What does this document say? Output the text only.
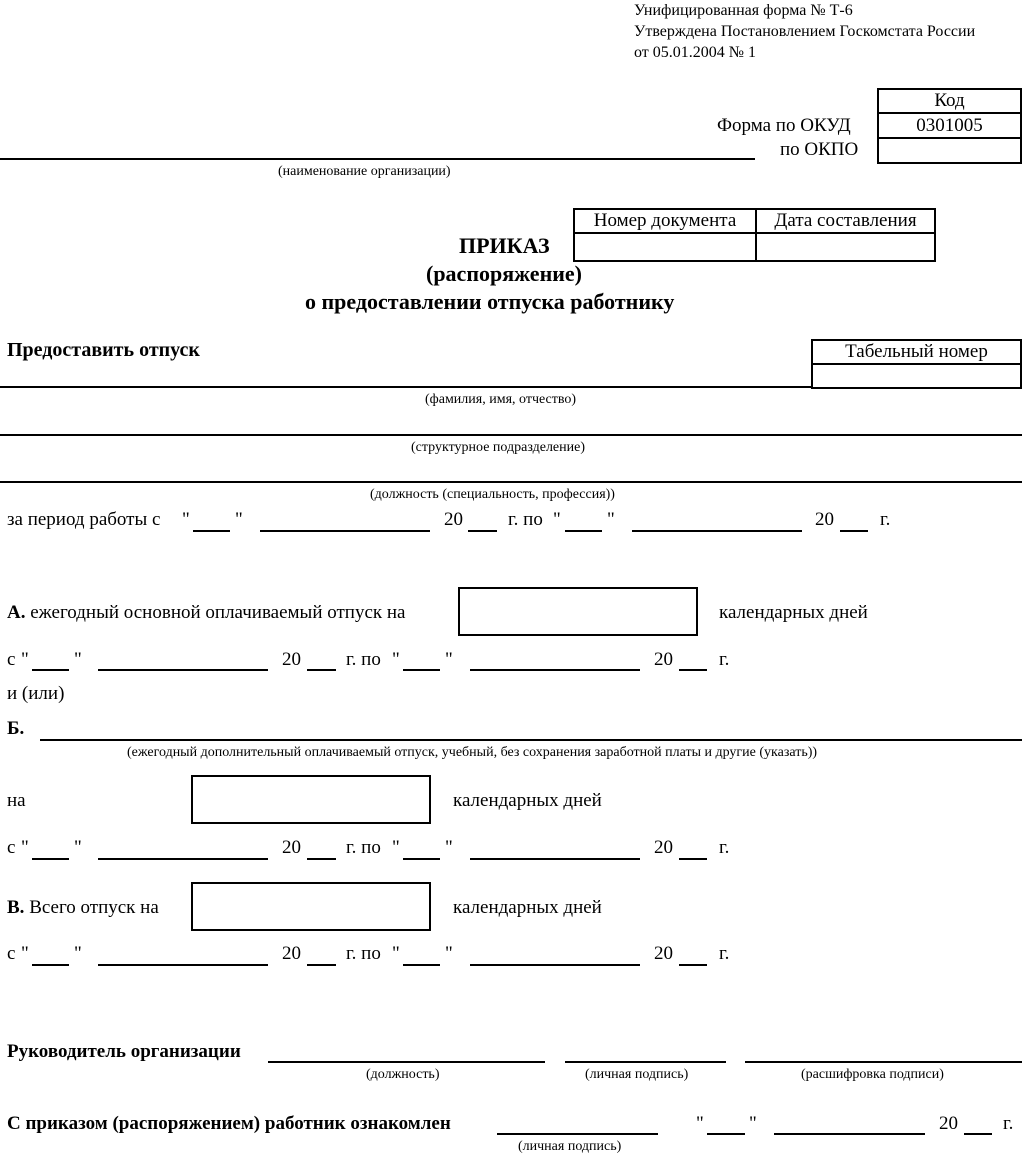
Унифицированная форма № Т-6
Утверждена Постановлением Госкомстата России
от 05.01.2004 № 1
Форма по ОКУД
по ОКПО
Код
0301005

(наименование организации)
Номер документа	Дата составления

ПРИКАЗ
(распоряжение)
о предоставлении отпуска работнику
Предоставить отпуск	Табельный номер

(фамилия, имя, отчество)
(структурное подразделение)
(должность (специальность, профессия))
за период работы с " "	20 г. по " "	20 г.
А. ежегодный основной оплачиваемый отпуск на	календарных дней
с " "	20 г. по " "	20 г.
и (или)
Б.
(ежегодный дополнительный оплачиваемый отпуск, учебный, без сохранения заработной платы и другие (указать))
на	календарных дней
с " "	20 г. по " "	20 г.
В. Всего отпуск на	календарных дней
с " "	20 г. по " "	20 г.
Руководитель организации
(должность)	(личная подпись)	(расшифровка подписи)
С приказом (распоряжением) работник ознакомлен
(личная подпись)
" "	20 г.
